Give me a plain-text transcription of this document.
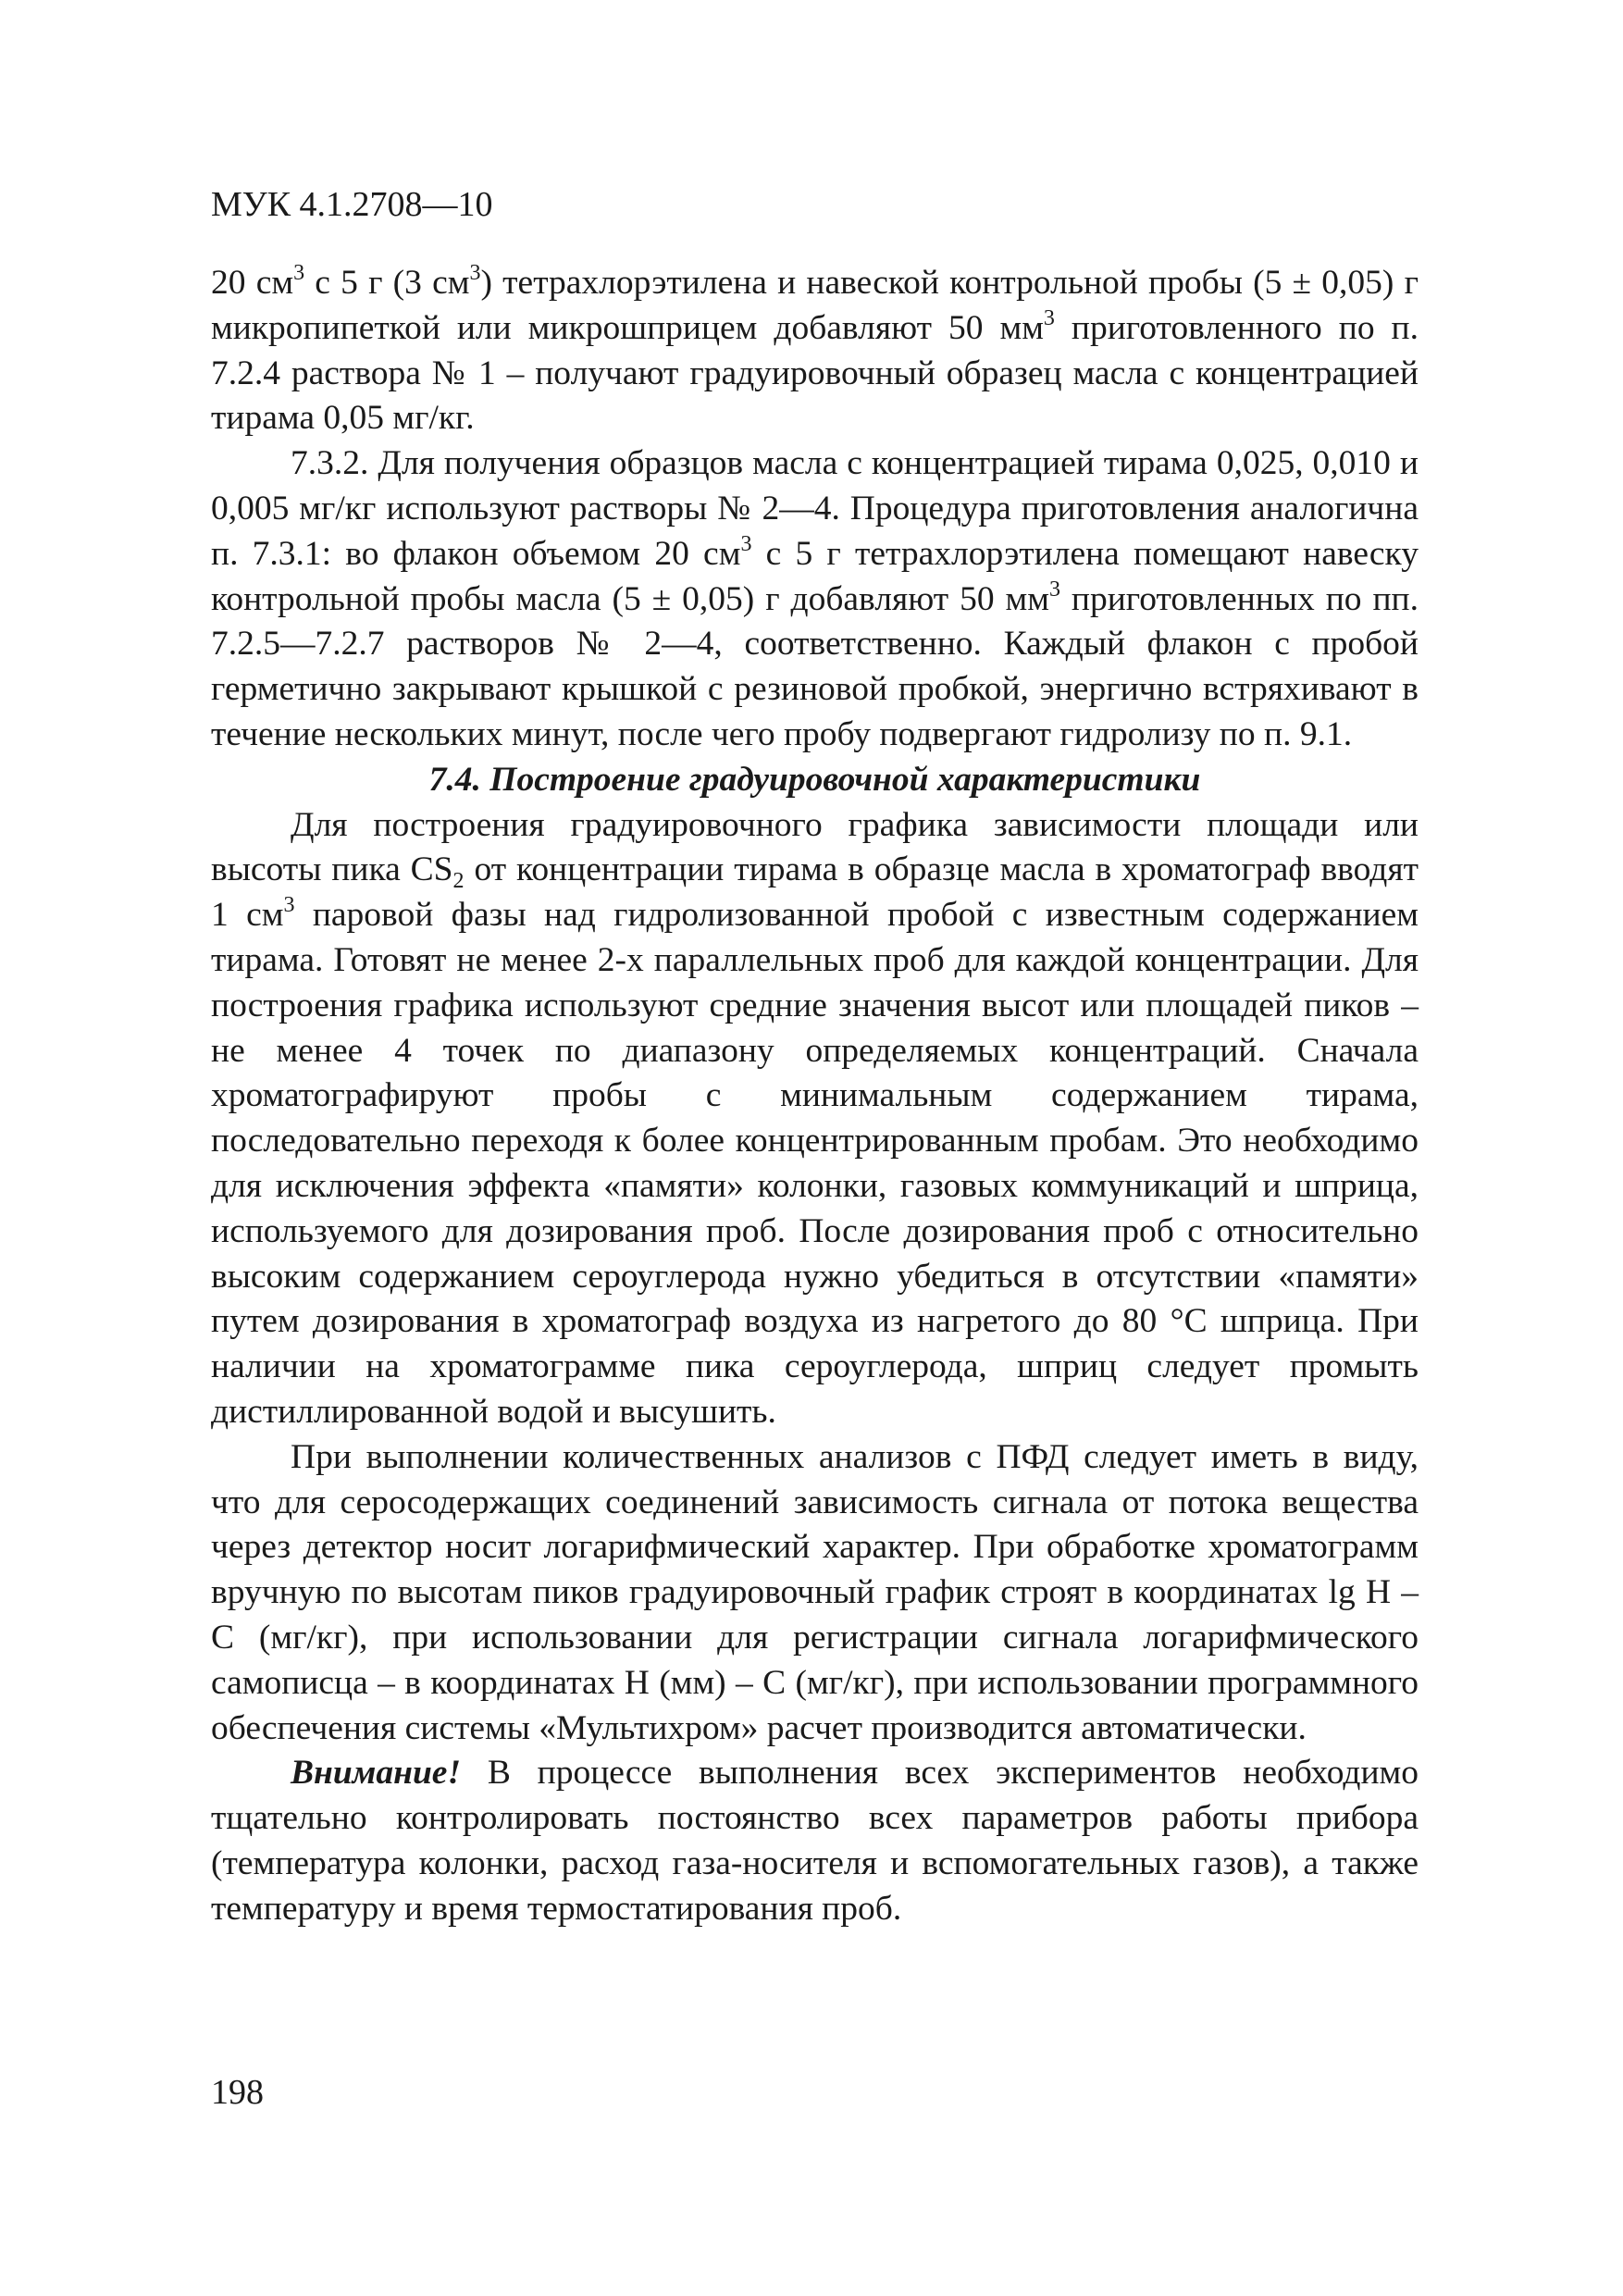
МУК 4.1.2708—10

20 $см^3$ с 5 г (3 $см^3$) тетрахлорэтилена и навеской контрольной пробы (5 ± 0,05) г микропипеткой или микрошприцем добавляют 50 $мм^3$ приготовленного по п. 7.2.4 раствора № 1 – получают градуировочный образец масла с концентрацией тирама 0,05 мг/кг.

7.3.2. Для получения образцов масла с концентрацией тирама 0,025, 0,010 и 0,005 мг/кг используют растворы № 2—4. Процедура приготовления аналогична п. 7.3.1: во флакон объемом 20 $см^3$ с 5 г тетрахлорэтилена помещают навеску контрольной пробы масла (5 ± 0,05) г добавляют 50 $мм^3$ приготовленных по пп. 7.2.5—7.2.7 растворов № 2—4, соответственно. Каждый флакон с пробой герметично закрывают крышкой с резиновой пробкой, энергично встряхивают в течение нескольких минут, после чего пробу подвергают гидролизу по п. 9.1.

7.4. Построение градуировочной характеристики

Для построения градуировочного графика зависимости площади или высоты пика $CS_2$ от концентрации тирама в образце масла в хроматограф вводят 1 $см^3$ паровой фазы над гидролизованной пробой с известным содержанием тирама. Готовят не менее 2-х параллельных проб для каждой концентрации. Для построения графика используют средние значения высот или площадей пиков – не менее 4 точек по диапазону определяемых концентраций. Сначала хроматографируют пробы с минимальным содержанием тирама, последовательно переходя к более концентрированным пробам. Это необходимо для исключения эффекта «памяти» колонки, газовых коммуникаций и шприца, используемого для дозирования проб. После дозирования проб с относительно высоким содержанием сероуглерода нужно убедиться в отсутствии «памяти» путем дозирования в хроматограф воздуха из нагретого до 80 °С шприца. При наличии на хроматограмме пика сероуглерода, шприц следует промыть дистиллированной водой и высушить.

При выполнении количественных анализов с ПФД следует иметь в виду, что для серосодержащих соединений зависимость сигнала от потока вещества через детектор носит логарифмический характер. При обработке хроматограмм вручную по высотам пиков градуировочный график строят в координатах lg H – C (мг/кг), при использовании для регистрации сигнала логарифмического самописца – в координатах H (мм) – C (мг/кг), при использовании программного обеспечения системы «Мультихром» расчет производится автоматически.

Внимание! В процессе выполнения всех экспериментов необходимо тщательно контролировать постоянство всех параметров работы прибора (температура колонки, расход газа-носителя и вспомогательных газов), а также температуру и время термостатирования проб.

198
